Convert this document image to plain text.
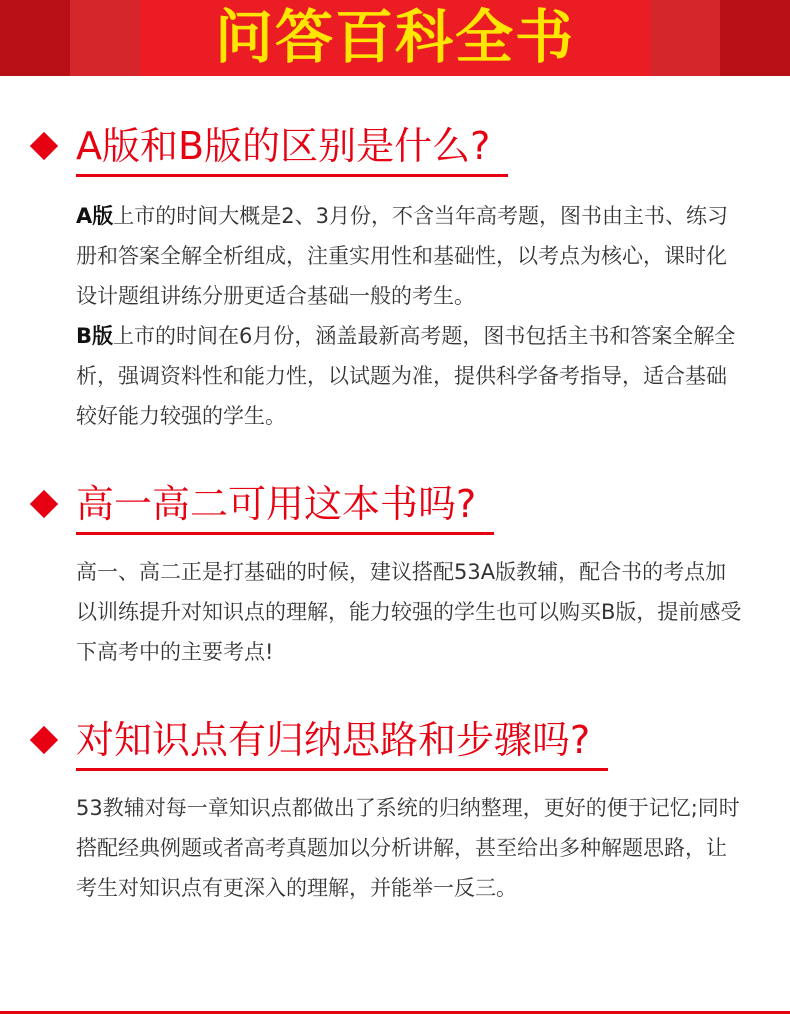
问答百科全书
A版和B版的区别是什么?

A版上市的时间大概是2、3月份，不含当年高考题，图书由主书、练习册和答案全解全析组成，注重实用性和基础性，以考点为核心，课时化设计题组讲练分册更适合基础一般的考生。

B版上市的时间在6月份，涵盖最新高考题，图书包括主书和答案全解全析，强调资料性和能力性，以试题为准，提供科学备考指导，适合基础较好能力较强的学生。

高一高二可用这本书吗?

高一、高二正是打基础的时候，建议搭配53A版教辅，配合书的考点加以训练提升对知识点的理解，能力较强的学生也可以购买B版，提前感受下高考中的主要考点!

对知识点有归纳思路和步骤吗?

53教辅对每一章知识点都做出了系统的归纳整理，更好的便于记忆;同时搭配经典例题或者高考真题加以分析讲解，甚至给出多种解题思路，让考生对知识点有更深入的理解，并能举一反三。
